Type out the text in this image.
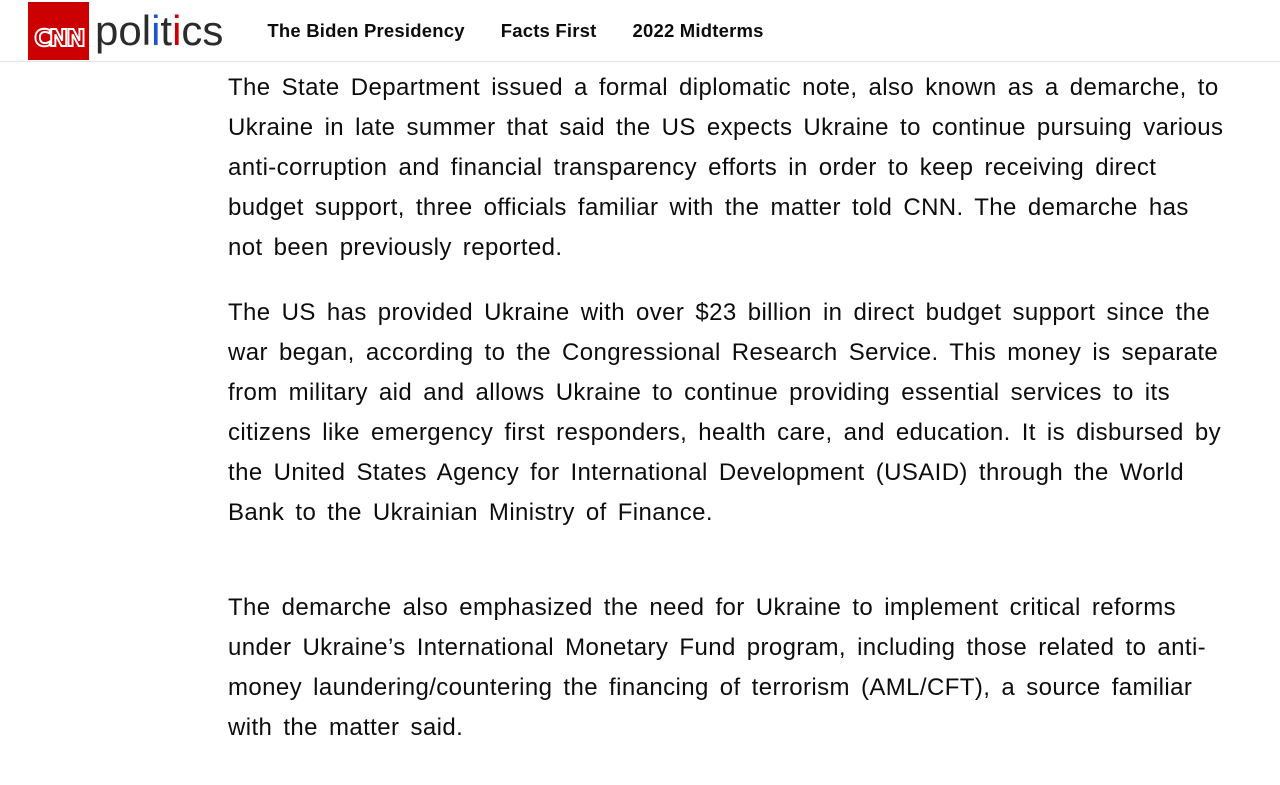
CNN politics The Biden Presidency Facts First 2022 Midterms
The State Department issued a formal diplomatic note, also known as a demarche, to
Ukraine in late summer that said the US expects Ukraine to continue pursuing various
anti-corruption and financial transparency efforts in order to keep receiving direct
budget support, three officials familiar with the matter told CNN. The demarche has
not been previously reported.
The US has provided Ukraine with over $23 billion in direct budget support since the
war began, according to the Congressional Research Service. This money is separate
from military aid and allows Ukraine to continue providing essential services to its
citizens like emergency first responders, health care, and education. It is disbursed by
the United States Agency for International Development (USAID) through the World
Bank to the Ukrainian Ministry of Finance.
The demarche also emphasized the need for Ukraine to implement critical reforms
under Ukraine’s International Monetary Fund program, including those related to anti-
money laundering/countering the financing of terrorism (AML/CFT), a source familiar
with the matter said.
